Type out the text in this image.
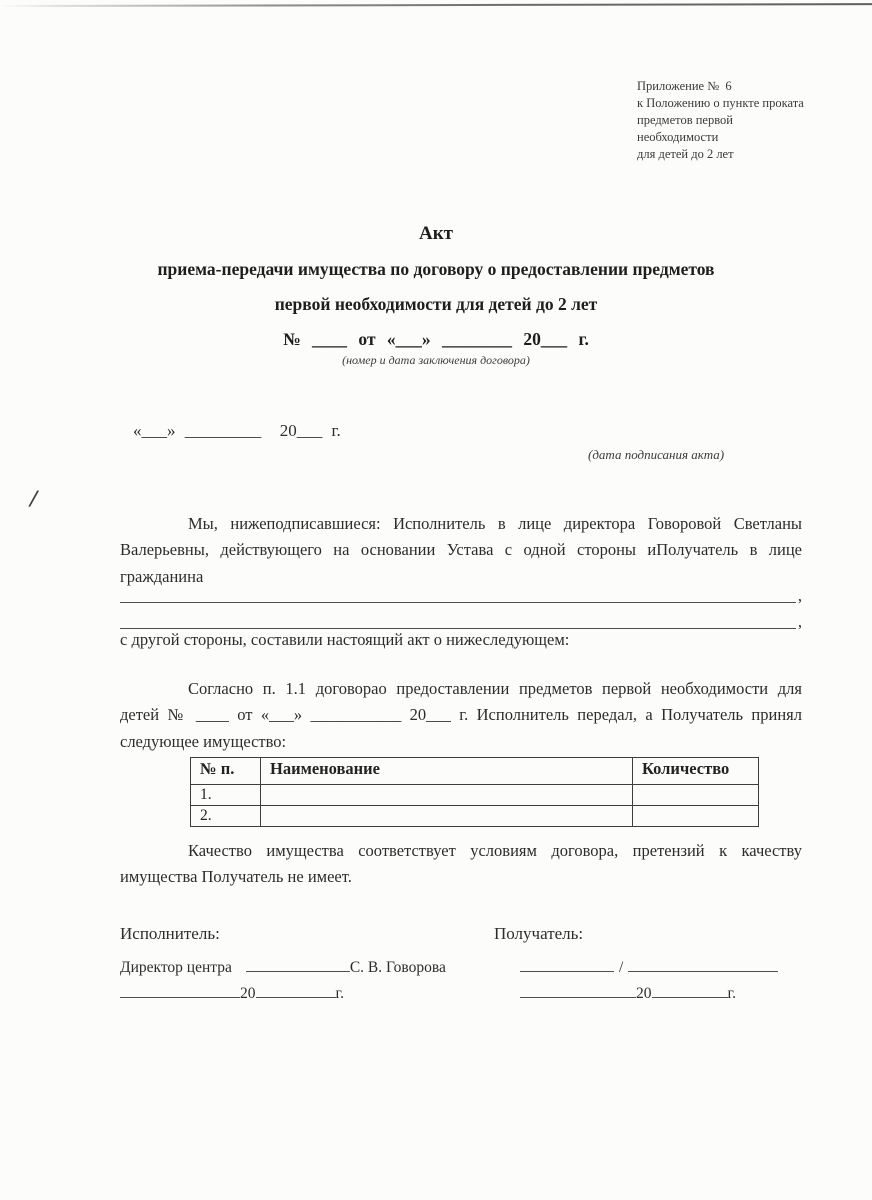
Приложение №  6
к Положению о пункте проката
предметов первой
необходимости
для детей до 2 лет
Акт
приема-передачи имущества по договору о предоставлении предметов
первой необходимости для детей до 2 лет
№ ____ от «___» ________ 20___ г.
(номер и дата заключения договора)
«___» _________  20___ г.
(дата подписания акта)
/
Мы, нижеподписавшиеся: Исполнитель в лице директора Говоровой Светланы
Валерьевны, действующего на основании Устава с одной стороны иПолучатель в лице
гражданина
,
,
с другой стороны, составили настоящий акт о нижеследующем:
Согласно п. 1.1 договорао предоставлении предметов первой необходимости для
детей № ____ от «___» ___________ 20___ г. Исполнитель передал, а Получатель принял
следующее имущество:
№ п.	Наименование	Количество
1.		
2.		
Качество имущества соответствует условиям договора, претензий к качеству
имущества Получатель не имеет.
Исполнитель:
Директор центра	С. В. Говорова
20	г.
Получатель:
/
20	г.
